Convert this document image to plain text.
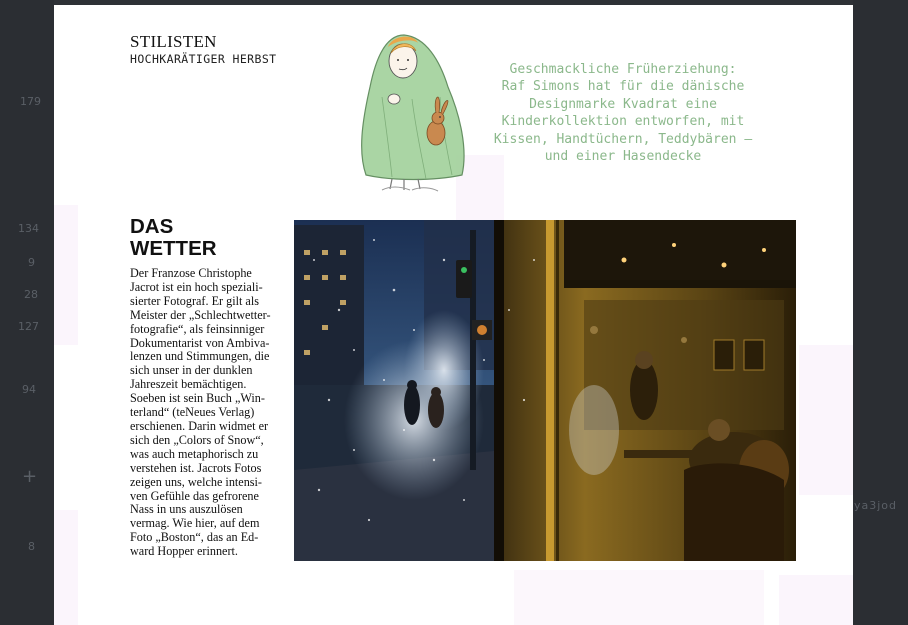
179
134
9
28
127
94
+
8
ya3jod
STILISTEN
HOCHKARÄTIGER HERBST
Geschmackliche Früherziehung:
Raf Simons hat für die dänische
Designmarke Kvadrat eine
Kinderkollektion entworfen, mit
Kissen, Handtüchern, Teddybären –
und einer Hasendecke
DAS
WETTER
Der Franzose Christophe
Jacrot ist ein hoch speziali-
sierter Fotograf. Er gilt als
Meister der „Schlechtwetter-
fotografie“, als feinsinniger
Dokumentarist von Ambiva-
lenzen und Stimmungen, die
sich unser in der dunklen
Jahreszeit bemächtigen.
Soeben ist sein Buch „Win-
terland“ (teNeues Verlag)
erschienen. Darin widmet er
sich den „Colors of Snow“,
was auch metaphorisch zu
verstehen ist. Jacrots Fotos
zeigen uns, welche intensi-
ven Gefühle das gefrorene
Nass in uns auszulösen
vermag. Wie hier, auf dem
Foto „Boston“, das an Ed-
ward Hopper erinnert.
